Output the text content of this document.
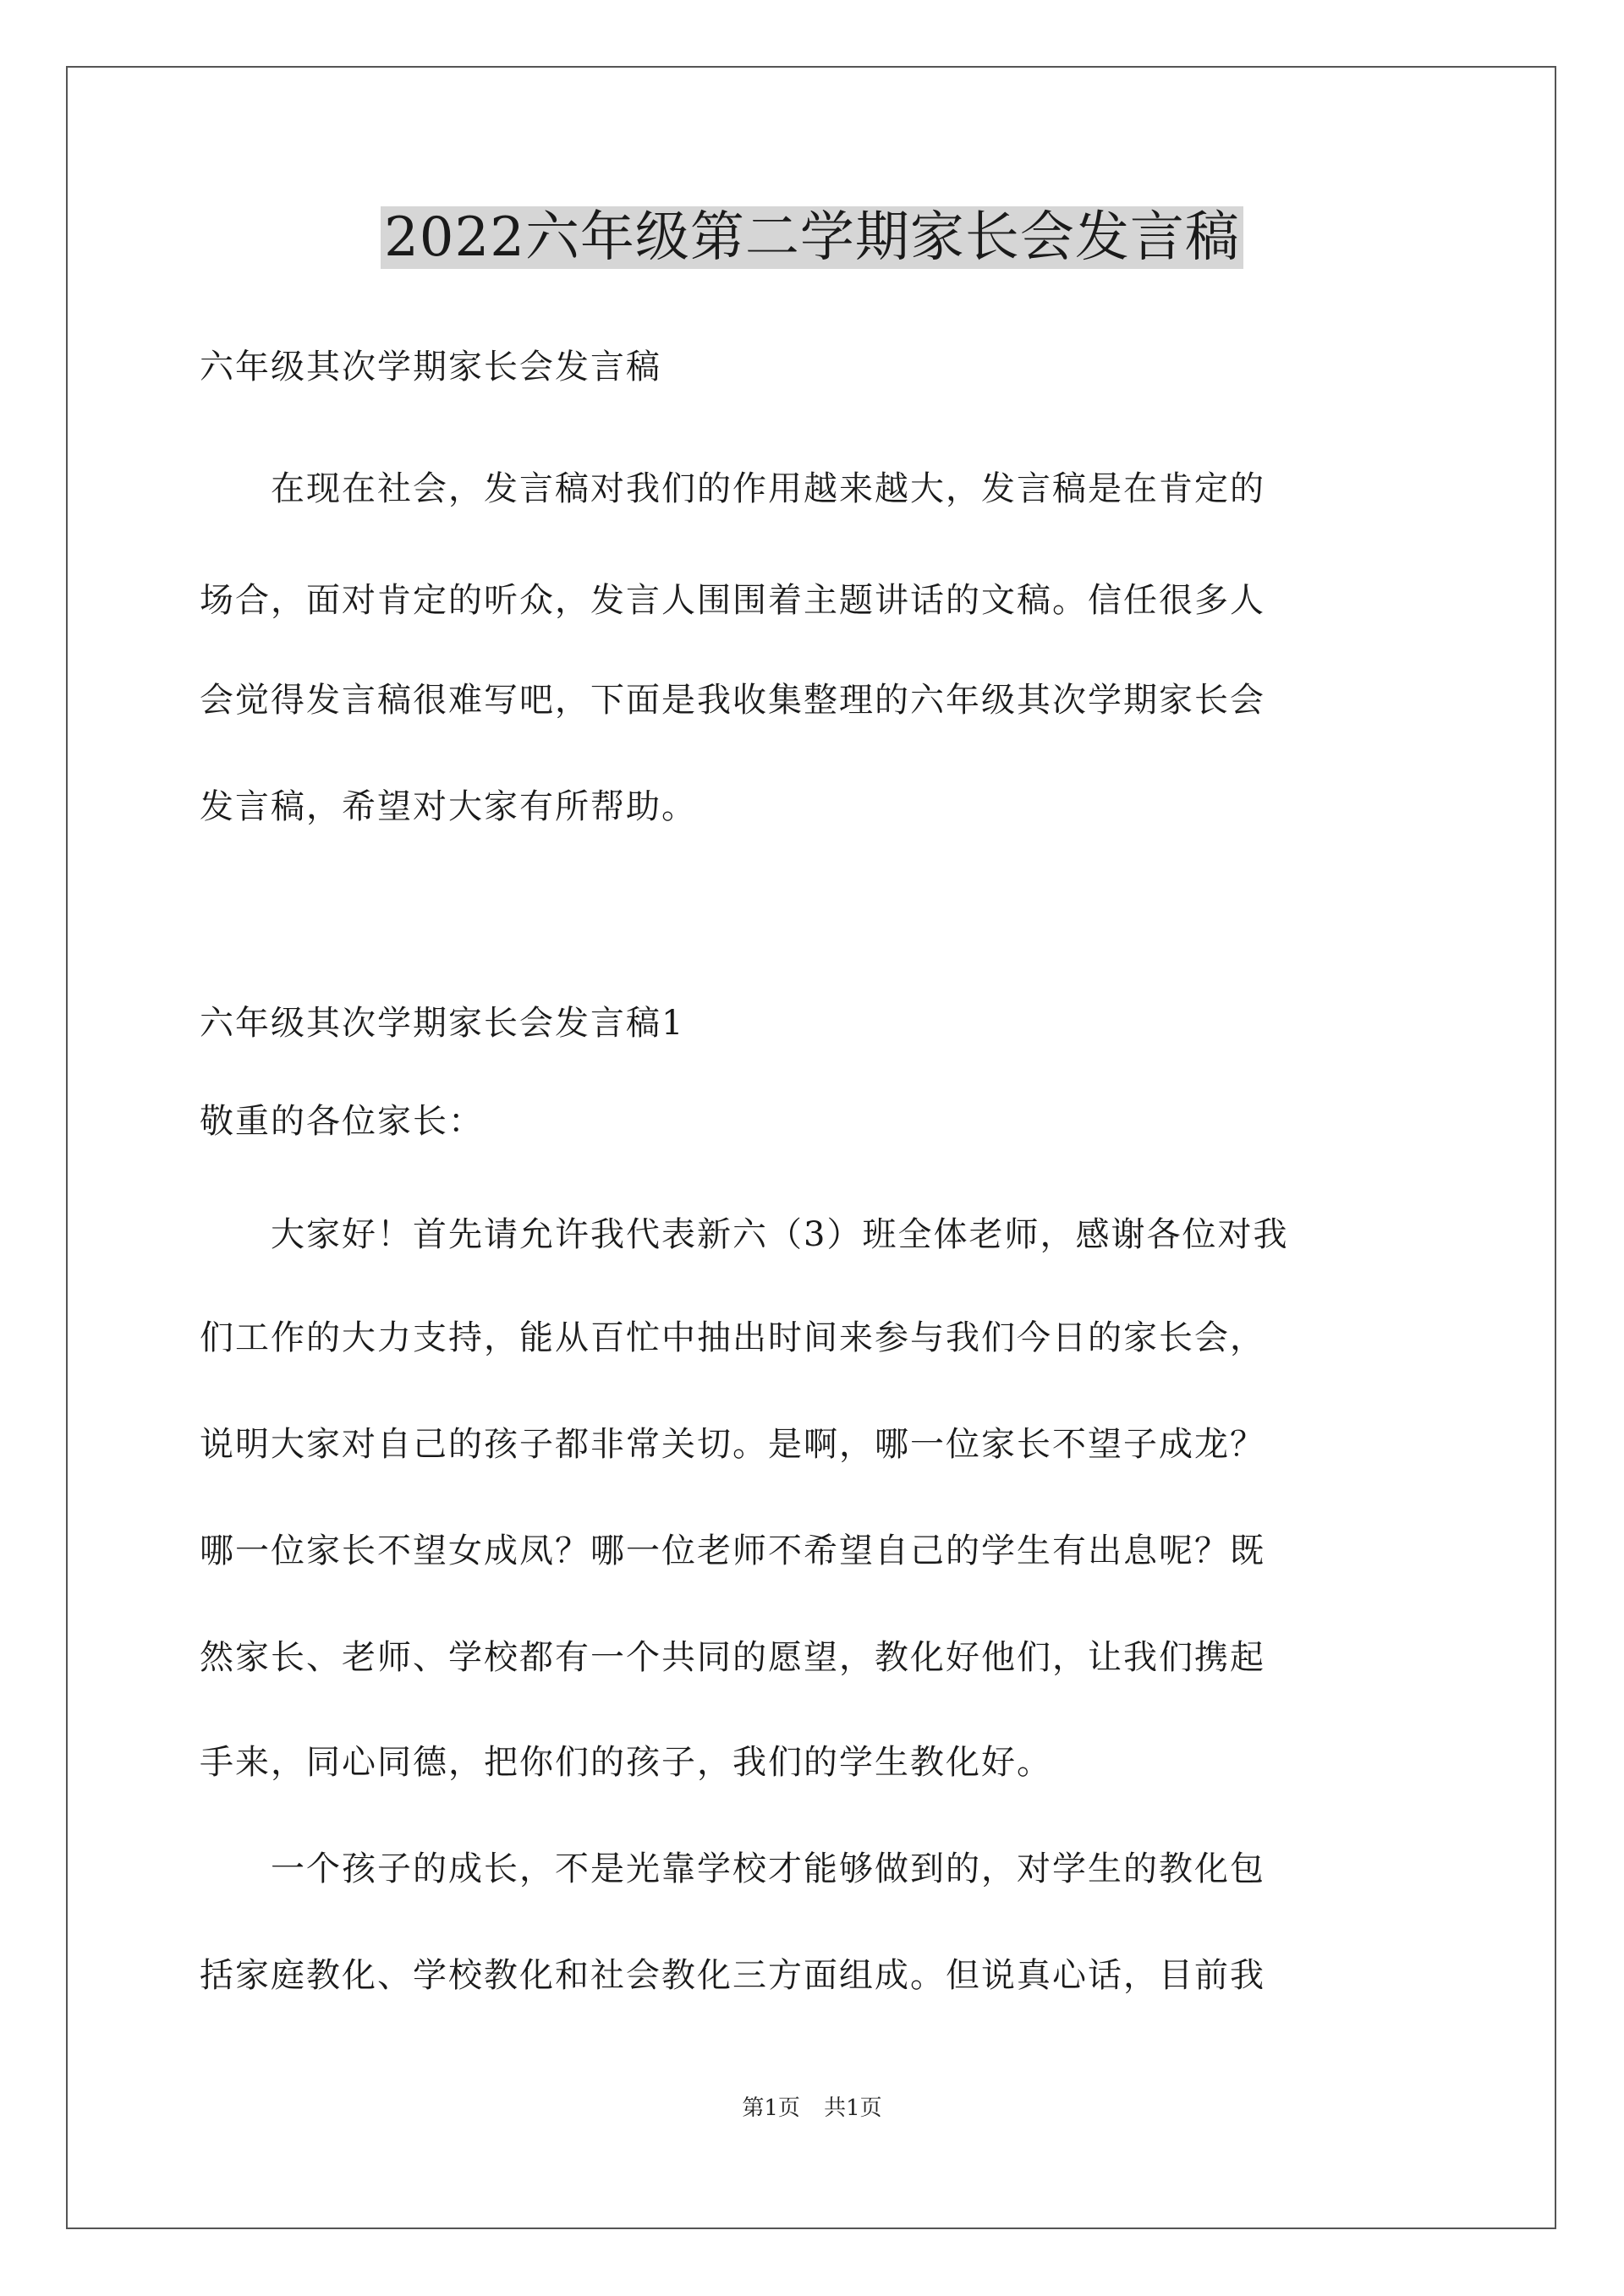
2022六年级第二学期家长会发言稿
六年级其次学期家长会发言稿
　　在现在社会，发言稿对我们的作用越来越大，发言稿是在肯定的
场合，面对肯定的听众，发言人围围着主题讲话的文稿。信任很多人
会觉得发言稿很难写吧，下面是我收集整理的六年级其次学期家长会
发言稿，希望对大家有所帮助。
六年级其次学期家长会发言稿1
敬重的各位家长：
　　大家好！首先请允许我代表新六（3）班全体老师，感谢各位对我
们工作的大力支持，能从百忙中抽出时间来参与我们今日的家长会，
说明大家对自己的孩子都非常关切。是啊，哪一位家长不望子成龙？
哪一位家长不望女成凤？哪一位老师不希望自己的学生有出息呢？既
然家长、老师、学校都有一个共同的愿望，教化好他们，让我们携起
手来，同心同德，把你们的孩子，我们的学生教化好。
　　一个孩子的成长，不是光靠学校才能够做到的，对学生的教化包
括家庭教化、学校教化和社会教化三方面组成。但说真心话，目前我
第1页 共1页
